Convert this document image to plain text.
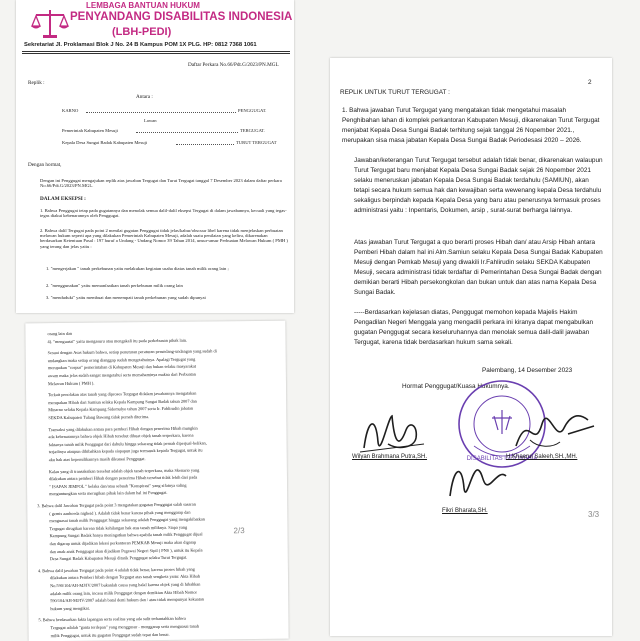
LEMBAGA BANTUAN HUKUM
PENYANDANG DISABILITAS INDONESIA
(LBH-PEDI)
Sekretariat Jl. Proklamasi Blok J No. 24 B Kampus POM 1X PLG. HP: 0812 7368 1061
Daftar Perkara No.66/Pdt.G/2023/PN.MGL
Replik :
Antara :
KARNO	PENGGUGAT.
Lawan
Pemerintah Kabupaten Mesuji	TERGUGAT.
Kepala Desa Sungai Badak Kabupaten Mesuji	TURUT TERGUGAT
Dengan hormat,
Dengan ini Penggugat mengajukan replik atas jawaban Tergugat dan Turut Tergugat tanggal 7 Desember 2023 dalam daftar perkara No.66/Pdt.G/2023/PN.MGL.
DALAM EKSEPSI :
1. Bahwa Penggugat tetap pada gugatannya dan menolak semua dalil-dalil eksepsi Tergugat di dalam jawabannya, kecuali yang tegas-tegas diakui kebenarannya oleh Penggugat.
2. Bahwa dalil Tergugat pada point 2 menilai gugatan Penggugat tidak jelas/kabur/obscuur libel karena tidak menjelaskan perbuatan melawan hukum seperti apa yang dilakukan Pemerintah Kabupaten Mesuji, adalah suatu penilaian yang keliru, dikarenakan berdasarkan Ketentuan Pasal : 197 huruf a Undang - Undang Nomor 39 Tahun 2014, unsur-unsur Perbuatan Melawan Hukum ( PMH ) yang terang dan jelas yaitu :
1. "mengerjakan " tanah perkebunan yaitu melakukan kegiatan usaha diatas tanah milik orang lain ;
2. "menggunakan" yaitu memanfaatkan tanah perkebunan milik orang lain
3. "menduduki" yaitu membuat dan menempati tanah perkebunan yang sudah dipunyai
orang lain dan
4). "menguasai" yaitu mengasuru atau mengakali itu pada perkebunan pihak lain.
Sesuai dengan Asas hukum bahwa, setiap penuturan peraturan perundang-undangan yang sudah di
undangkan maka setiap orang dianggap sudah mengetahuinya. Apalagi Tergugat yang
merupakan "corpus" pemerintahan di Kabupaten Mesuji dan bukan selaku masyarakat
awam maka jelas sudah sangat mengetahui serta memahaminya makna dari Perbuatan
Melawan Hukum ( PMH ).
Terkait penolakan atas tanah yang diproses Tergugat didalam jawabannya mengatakan
merupakan Hibah dari Samiun selaku Kepala Kampung Sungai Badak tahun 2007 dan
Minarno selaku Kepala Kampung Sidomulyo tahun 2007 serta Ir. Fahlirudin jabatan
SEKDA Kabupaten Tulang Bawang tidak pernah diterima.
Transaksi yang dilakukan antara para pemberi Hibah dengan penerima Hibah mungkin
ada kebenarannya bahwa objek Hibah tersebut dibuat objek tanah terperkara, karena
faktanya tanah milik Penggugat dari dahulu hingga sekarang tidak pernah diperjual-belikan,
terjadinya ataupun dihibahkan kepada siapapun juga termasuk kepada Tergugat, untuk itu
aku hak atas kepemilikannya masih dikuasai Penggugat.
Kalau yang di transaksikan tersebut adalah objek tanah terperkara, maka Skenario yang
dilakukan antara pemberi Hibah dengan penerima Hibah tersebut tidak lebih dari pada
" ISAPAN JEMPOL " belaka dan/atau sebuah "Konspirasi" yang sifatnya saling
menguntungkan serta merugikan pihak lain dalam hal ini Penggugat.
3. Bahwa dalil Jawaban Tergugat pada point 3 mengatakan gugatan Penggugat salah sasaran
( gemis aanhoeda nigheid ). Adalah tidak benar karena pihak yang menggarap dan
menguasai tanah milik Penggugat hingga sekarang adalah Penggugat yang mengakibatkan
Tergugat dirugikan karena tidak kehilangan hak atas tanah miliknya. Siapa yang
Kampung Sungai Badak hanya meningatkan bahwa apabila tanah milik Penggugat dijual
dan digarap untuk dijadikan lokasi perkantoran PEMKAB Mesuji maka akan digarap
dan anak-anak Penggugat akan dijadikan Pegawai Negeri Sipil ( PNS ), untuk itu Kepala
Desa Sungai Badak Kabupaten Mesuji ditarik Penggugat selaku Turut Tergugat.
4. Bahwa dalil jawaban Tergugat pada point 4 adalah tidak benar, karena proses hibah yang
dilakukan antara Pemberi hibah dengan Tergugat atas tanah sengketa yaitu: Akta Hibah
No.590/104/AH-MJ/IV/2007 bukanlah causa yang halal karena objek yang di hibahkan
adalah milik orang lain, incasu milik Penggugat dengan demikian Akta Hibah Nomor
590/104/AH-MJ/IV/2007 adalah batal demi hukum dan / atau tidak mempunyai kekuatan
hukum yang mengikat.
5. Bahwa berdasarkan fakta lapangan serta realitas yang ada sulit terbantahkan bahwa
Tergugat adalah "ganta terdepan" yang menggusur - menggarap serta menguasai tanah
milik Penggugat, untuk itu gugatan Penggugat sudah tepat dan benar.
2/3
2
REPLIK UNTUK TURUT TERGUGAT :
1. Bahwa jawaban Turut Tergugat yang mengatakan tidak mengetahui masalah Penghibahan lahan di komplek perkantoran Kabupaten Mesuji, dikarenakan Turut Tergugat menjabat Kepala Desa Sungai Badak terhitung sejak tanggal 26 Nopember 2021., merupakan sisa masa jabatan Kepala Desa Sungai Badak Periodesasi 2020 – 2026.
Jawaban/keterangan Turut Tergugat tersebut adalah tidak benar, dikarenakan walaupun Turut Tergugat baru menjabat Kepala Desa Sungai Badak sejak 26 Nopember 2021 selaku meneruskan jabatan Kepala Desa Sungai Badak terdahulu (SAMIUN), akan tetapi secara hukum semua hak dan kewajiban serta wewenang kepala Desa terdahulu sekaligus berpindah kepada Kepala Desa yang baru atau penerusnya termasuk proses administrasi yaitu : Inpentaris, Dokumen, arsip , surat-surat berharga lainnya.
Atas jawaban Turut Tergugat a quo berarti proses Hibah dan/ atau Arsip Hibah antara Pemberi Hibah dalam hal ini Alm.Samiun selaku Kepala Desa Sungai Badak Kabupaten Mesuji dengan Pemkab Mesuji yang diwakili Ir.Fahlirudin selaku SEKDA Kabupaten Mesuji, secara administrasi tidak terdaftar di Pemerintahan Desa Sungai Badak dengan demikian berarti Hibah persekongkolan dan bukan untuk dan atas nama Kepala Desa Sungai Badak.
-----Berdasarkan kejelasan diatas, Penggugat memohon kepada Majelis Hakim Pengadilan Negeri Menggala yang mengadili perkara ini kiranya dapat mengabulkan gugatan Penggugat secara keseluruhannya dan menolak semua dalil-dalil jawaban Tergugat, karena tidak berdasarkan hukum sama sekali.
Palembang, 14 Desember 2023
Hormat Penggugat/Kuasa Hukumnya.
DISABILITAS INDONESIA
Wilyan Brahmana Putra,SH.	H.Khaerul Saleeh,SH.,MH.
Fikri Bharata,SH.	3/3
